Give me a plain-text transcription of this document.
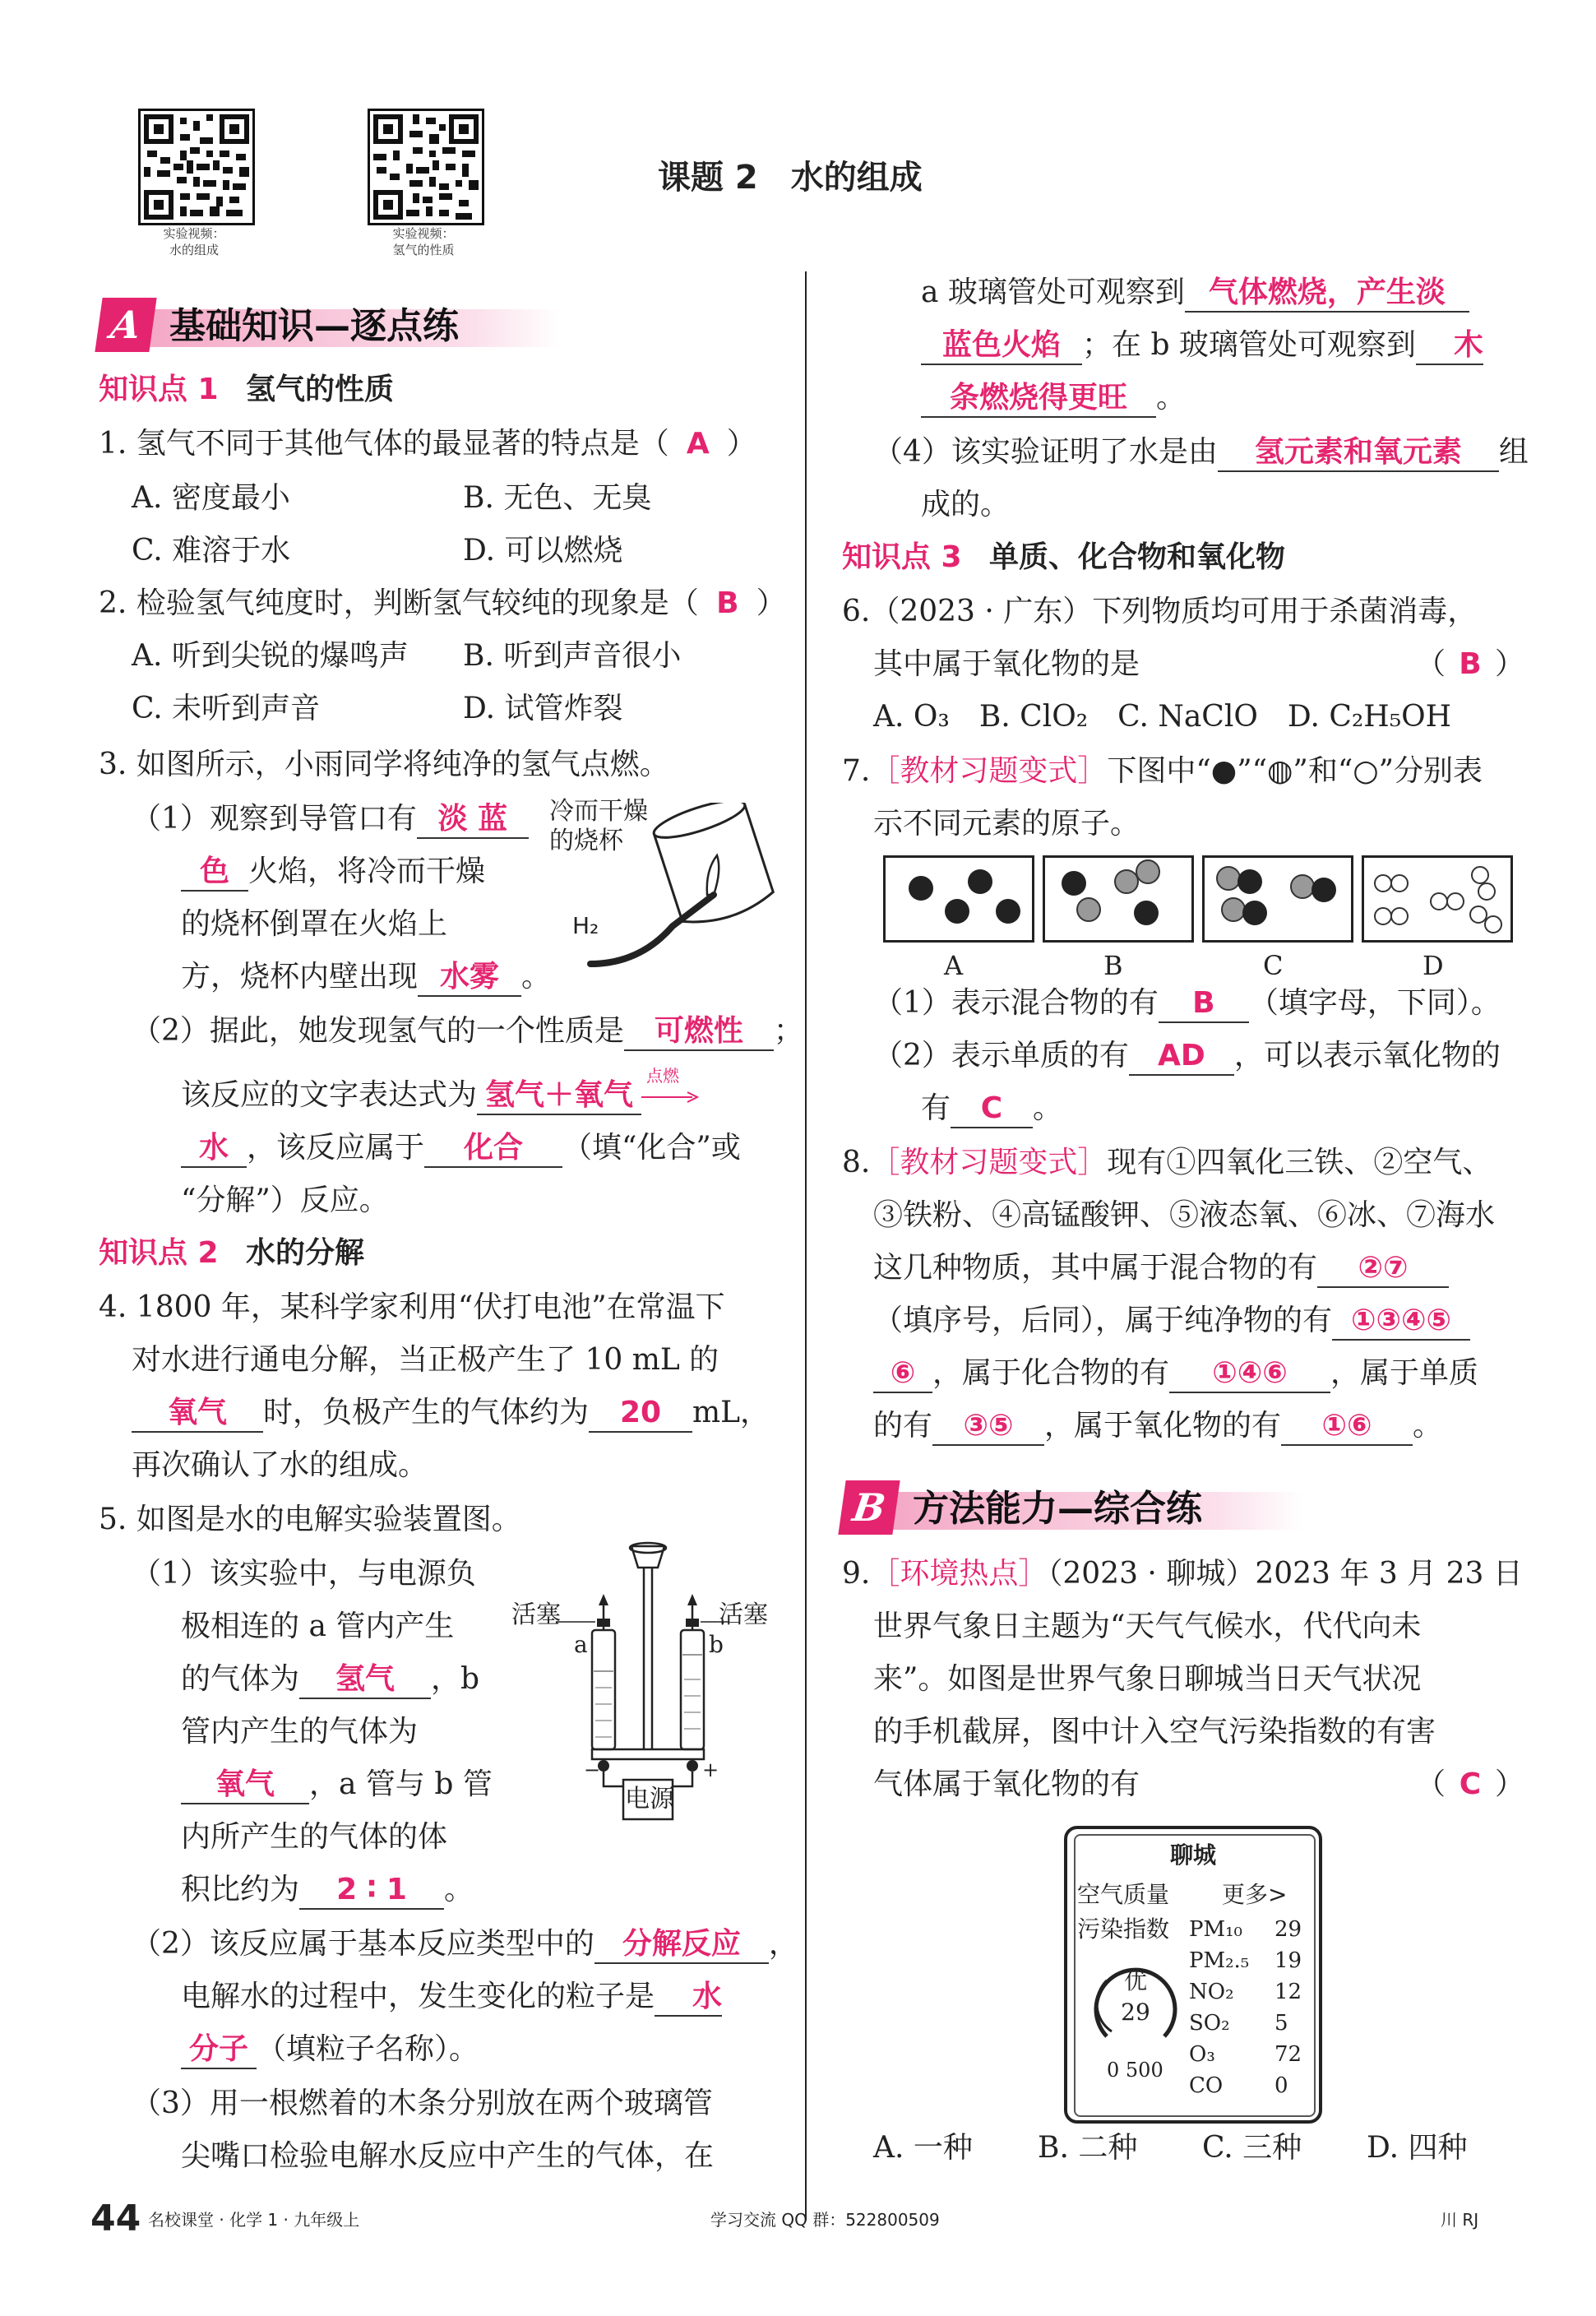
实验视频：
水的组成
实验视频：
氢气的性质
课题 2　水的组成
A 基础知识—逐点练
知识点 1 氢气的性质
1. 氢气不同于其他气体的最显著的特点是（ A ）
A. 密度最小	B. 无色、无臭
C. 难溶于水	D. 可以燃烧
2. 检验氢气纯度时，判断氢气较纯的现象是（ B ）
A. 听到尖锐的爆鸣声 B. 听到声音很小
C. 未听到声音	D. 试管炸裂
3. 如图所示，小雨同学将纯净的氢气点燃。
（1）观察到导管口有 淡 蓝
色 火焰，将冷而干燥
的烧杯倒罩在火焰上
方，烧杯内壁出现 水雾 。
冷而干燥
的烧杯
H₂
（2）据此，她发现氢气的一个性质是 可燃性 ；
该反应的文字表达式为 氢气＋氧气
点燃
水 ，该反应属于 化合 （填“化合”或
“分解”）反应。
知识点 2 水的分解
4. 1800 年，某科学家利用“伏打电池”在常温下
对水进行通电分解，当正极产生了 10 mL 的
氧气 时，负极产生的气体约为 20 mL，
再次确认了水的组成。
5. 如图是水的电解实验装置图。
（1）该实验中，与电源负
极相连的 a 管内产生
的气体为 氢气 ，b
管内产生的气体为
氧气 ，a 管与 b 管
内所产生的气体的体
积比约为 2 ∶ 1 。
活塞	活塞
a	b
−	+
电源
（2）该反应属于基本反应类型中的 分解反应 ，
电解水的过程中，发生变化的粒子是 水
分子 （填粒子名称）。
（3）用一根燃着的木条分别放在两个玻璃管
尖嘴口检验电解水反应中产生的气体，在
a 玻璃管处可观察到 气体燃烧，产生淡
蓝色火焰 ；在 b 玻璃管处可观察到 木
条燃烧得更旺 。
（4）该实验证明了水是由 氢元素和氧元素 组
成的。
知识点 3 单质、化合物和氧化物
6.（2023 · 广东）下列物质均可用于杀菌消毒，
其中属于氧化物的是	（ B ）
A. O₃　B. ClO₂　C. NaClO　D. C₂H₅OH
7.［教材习题变式］下图中“●”“◍”和“○”分别表
示不同元素的原子。
A	B	C	D
（1）表示混合物的有 B （填字母，下同）。
（2）表示单质的有 AD ，可以表示氧化物的
有 C 。
8.［教材习题变式］现有①四氧化三铁、②空气、
③铁粉、④高锰酸钾、⑤液态氧、⑥冰、⑦海水
这几种物质，其中属于混合物的有 ②⑦
（填序号，后同），属于纯净物的有 ①③④⑤
⑥ ，属于化合物的有 ①④⑥ ，属于单质
的有 ③⑤ ，属于氧化物的有 ①⑥ 。
B 方法能力—综合练
9.［环境热点］（2023 · 聊城）2023 年 3 月 23 日
世界气象日主题为“天气气候水，代代向未
来”。如图是世界气象日聊城当日天气状况
的手机截屏，图中计入空气污染指数的有害
气体属于氧化物的有	（ C ）
聊城
空气质量 更多>
污染指数
优
29
0 500
PM₁₀ 29
PM₂.₅ 19
NO₂ 12
SO₂ 5
O₃	72
CO 0
A. 一种 B. 二种 C. 三种 D. 四种
44 名校课堂 · 化学 1 · 九年级上	学习交流 QQ 群：522800509	川 RJ
